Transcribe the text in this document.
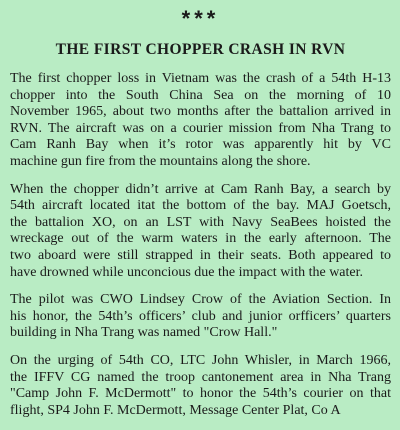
***
THE FIRST CHOPPER CRASH IN RVN
The first chopper loss in Vietnam was the crash of a 54th H-13
chopper into the South China Sea on the morning of 10
November 1965, about two months after the battalion arrived in
RVN. The aircraft was on a courier mission from Nha Trang to
Cam Ranh Bay when it’s rotor was apparently hit by VC
machine gun fire from the mountains along the shore.
When the chopper didn’t arrive at Cam Ranh Bay, a search by
54th aircraft located itat the bottom of the bay. MAJ Goetsch,
the battalion XO, on an LST with Navy SeaBees hoisted the
wreckage out of the warm waters in the early afternoon. The
two aboard were still strapped in their seats. Both appeared to
have drowned while unconcious due the impact with the water.
The pilot was CWO Lindsey Crow of the Aviation Section. In
his honor, the 54th’s officers’ club and junior orfficers’ quarters
building in Nha Trang was named "Crow Hall."
On the urging of 54th CO, LTC John Whisler, in March 1966,
the IFFV CG named the troop cantonement area in Nha Trang
"Camp John F. McDermott" to honor the 54th’s courier on that
flight, SP4 John F. McDermott, Message Center Plat, Co A
